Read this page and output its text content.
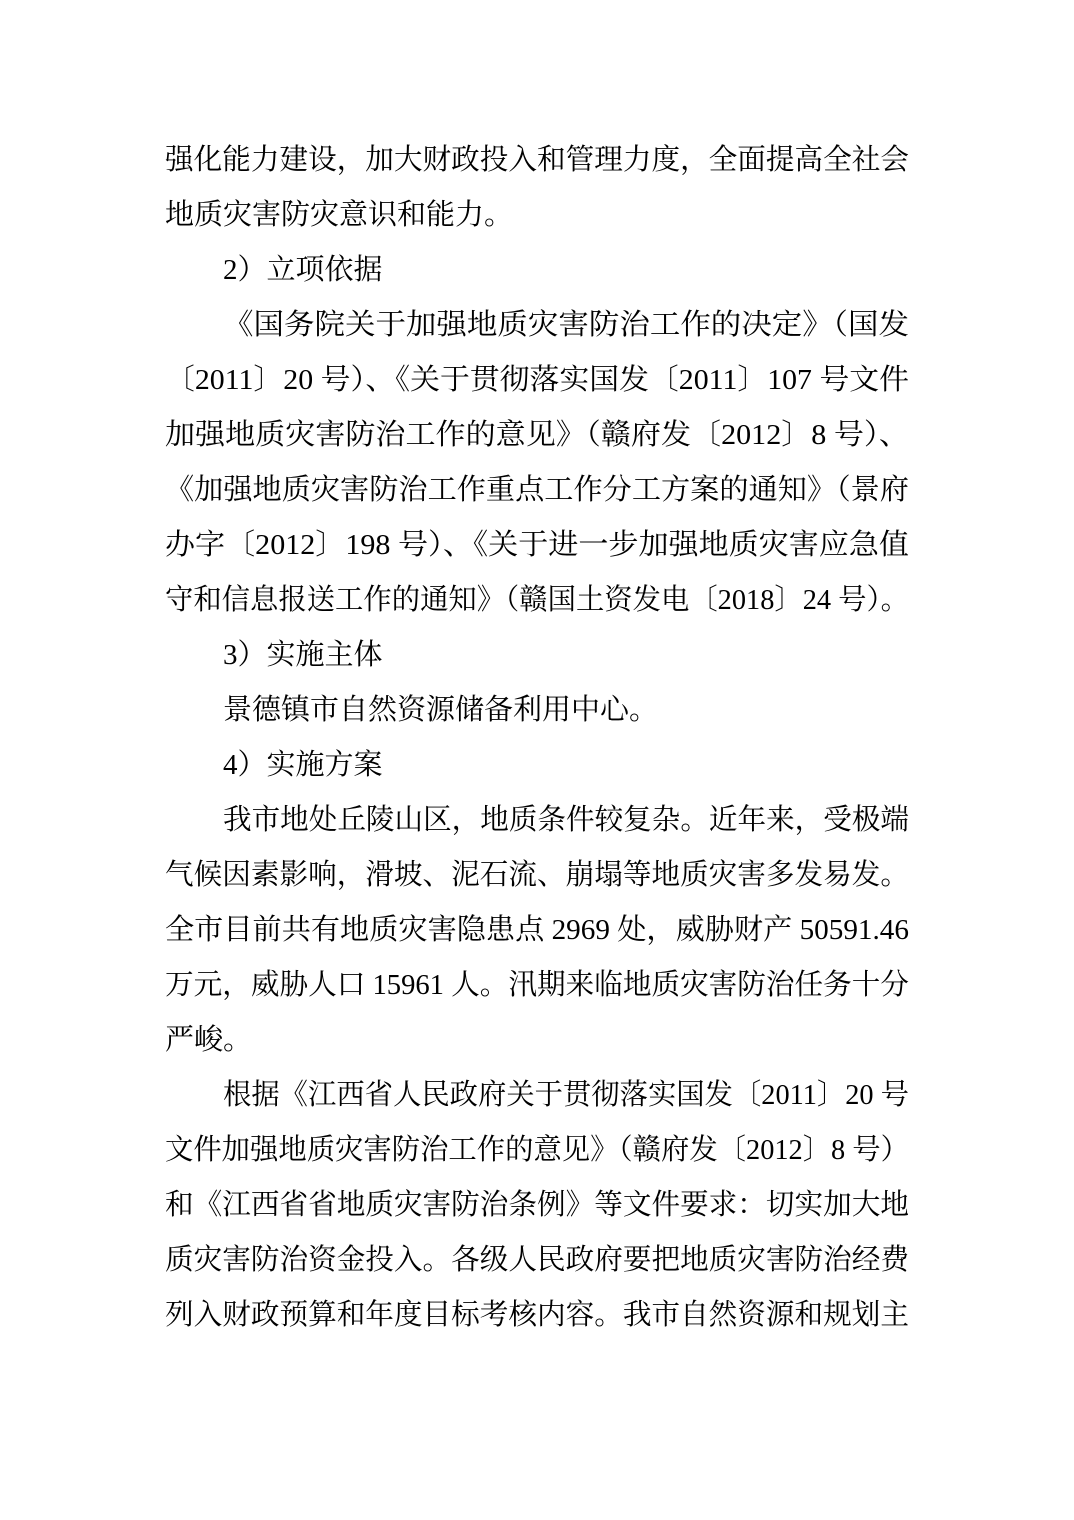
强化能力建设，加大财政投入和管理力度，全面提高全社会
地质灾害防灾意识和能力。
2）立项依据
《国务院关于加强地质灾害防治工作的决定》（国发
〔2011〕20 号）、《关于贯彻落实国发〔2011〕107 号文件
加强地质灾害防治工作的意见》（赣府发〔2012〕8 号）、
《加强地质灾害防治工作重点工作分工方案的通知》（景府
办字〔2012〕198 号）、《关于进一步加强地质灾害应急值
守和信息报送工作的通知》（赣国土资发电〔2018〕24 号）。
3）实施主体
景德镇市自然资源储备利用中心。
4）实施方案
我市地处丘陵山区，地质条件较复杂。近年来，受极端
气候因素影响，滑坡、泥石流、崩塌等地质灾害多发易发。
全市目前共有地质灾害隐患点 2969 处，威胁财产 50591.46
万元，威胁人口 15961 人。汛期来临地质灾害防治任务十分
严峻。
根据《江西省人民政府关于贯彻落实国发〔2011〕20 号
文件加强地质灾害防治工作的意见》（赣府发〔2012〕8 号）
和《江西省省地质灾害防治条例》等文件要求：切实加大地
质灾害防治资金投入。各级人民政府要把地质灾害防治经费
列入财政预算和年度目标考核内容。我市自然资源和规划主
